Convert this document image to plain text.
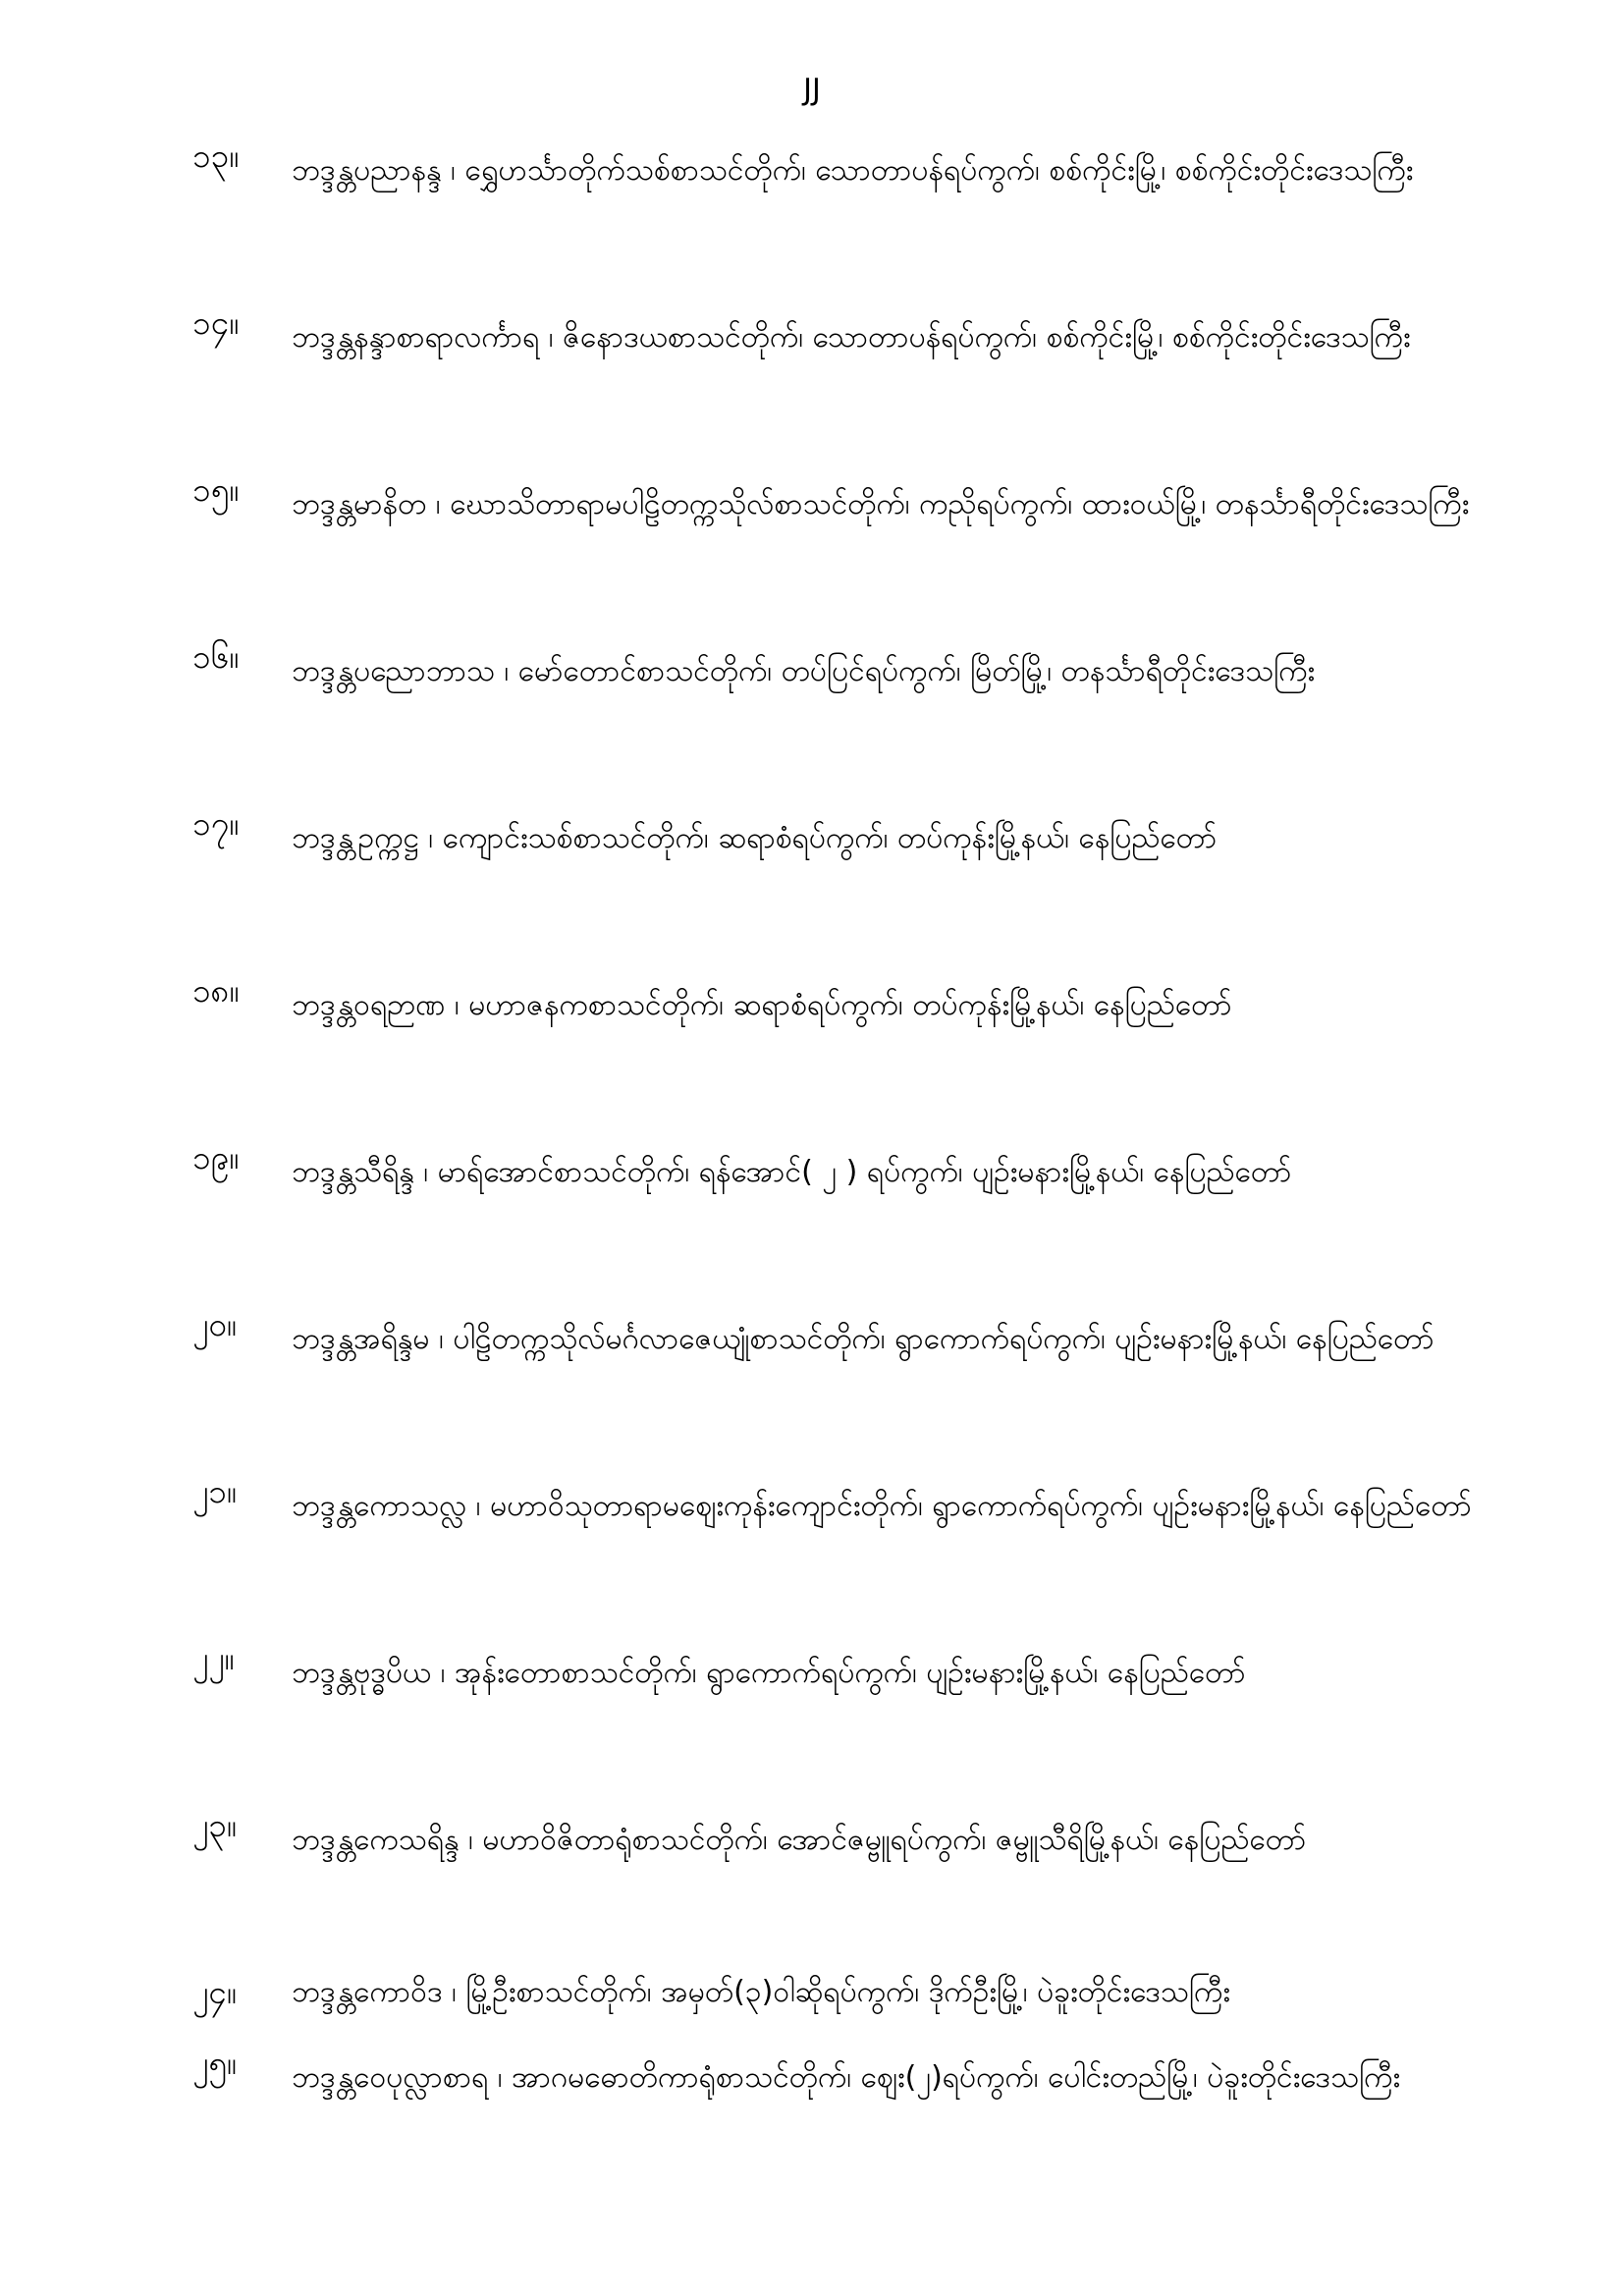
JJ
၁၃။	ဘဒ္ဒန္တပညာနန္ဒ ၊ ရွှေဟင်္သာတိုက်သစ်စာသင်တိုက်၊ သောတာပန်ရပ်ကွက်၊ စစ်ကိုင်းမြို့၊ စစ်ကိုင်းတိုင်းဒေသကြီး
၁၄။	ဘဒ္ဒန္တနန္ဒာစာရာလင်္ကာရ ၊ ဇိနောဒယစာသင်တိုက်၊ သောတာပန်ရပ်ကွက်၊ စစ်ကိုင်းမြို့၊ စစ်ကိုင်းတိုင်းဒေသကြီး
၁၅။	ဘဒ္ဒန္တမာနိတ ၊ ဃောသိတာရာမပါဠိတက္ကသိုလ်စာသင်တိုက်၊ ကညိုရပ်ကွက်၊ ထားဝယ်မြို့၊ တနင်္သာရီတိုင်းဒေသကြီး
၁၆။	ဘဒ္ဒန္တပညောဘာသ ၊ မော်တောင်စာသင်တိုက်၊ တပ်ပြင်ရပ်ကွက်၊ မြိတ်မြို့၊ တနင်္သာရီတိုင်းဒေသကြီး
၁၇။	ဘဒ္ဒန္တဥက္ကဋ္ဌ ၊ ကျောင်းသစ်စာသင်တိုက်၊ ဆရာစံရပ်ကွက်၊ တပ်ကုန်းမြို့နယ်၊ နေပြည်တော်
၁၈။	ဘဒ္ဒန္တဝရဉာဏ ၊ မဟာဇနကစာသင်တိုက်၊ ဆရာစံရပ်ကွက်၊ တပ်ကုန်းမြို့နယ်၊ နေပြည်တော်
၁၉။	ဘဒ္ဒန္တသီရိန္ဒ ၊ မာရ်အောင်စာသင်တိုက်၊ ရန်အောင်( ၂ ) ရပ်ကွက်၊ ပျဉ်းမနားမြို့နယ်၊ နေပြည်တော်
၂၀။	ဘဒ္ဒန္တအရိန္ဒမ ၊ ပါဠိတက္ကသိုလ်မင်္ဂလာဇေယျုံစာသင်တိုက်၊ ရွာကောက်ရပ်ကွက်၊ ပျဉ်းမနားမြို့နယ်၊ နေပြည်တော်
၂၁။	ဘဒ္ဒန္တကောသလ္လ ၊ မဟာဝိသုတာရာမဈေးကုန်းကျောင်းတိုက်၊ ရွာကောက်ရပ်ကွက်၊ ပျဉ်းမနားမြို့နယ်၊ နေပြည်တော်
၂၂။	ဘဒ္ဒန္တဗုဒ္ဓပိယ ၊ အုန်းတောစာသင်တိုက်၊ ရွာကောက်ရပ်ကွက်၊ ပျဉ်းမနားမြို့နယ်၊ နေပြည်တော်
၂၃။	ဘဒ္ဒန္တကေသရိန္ဒ ၊ မဟာဝိဇိတာရုံစာသင်တိုက်၊ အောင်ဇမ္ဗူရပ်ကွက်၊ ဇမ္ဗူသီရိမြို့နယ်၊ နေပြည်တော်
၂၄။	ဘဒ္ဒန္တကောဝိဒ ၊ မြို့ဦးစာသင်တိုက်၊ အမှတ်(၃)ဝါဆိုရပ်ကွက်၊ ဒိုက်ဦးမြို့၊ ပဲခူးတိုင်းဒေသကြီး
၂၅။	ဘဒ္ဒန္တဝေပုလ္လာစာရ ၊ အာဂမဓောတိကာရုံစာသင်တိုက်၊ ဈေး(၂)ရပ်ကွက်၊ ပေါင်းတည်မြို့၊ ပဲခူးတိုင်းဒေသကြီး
